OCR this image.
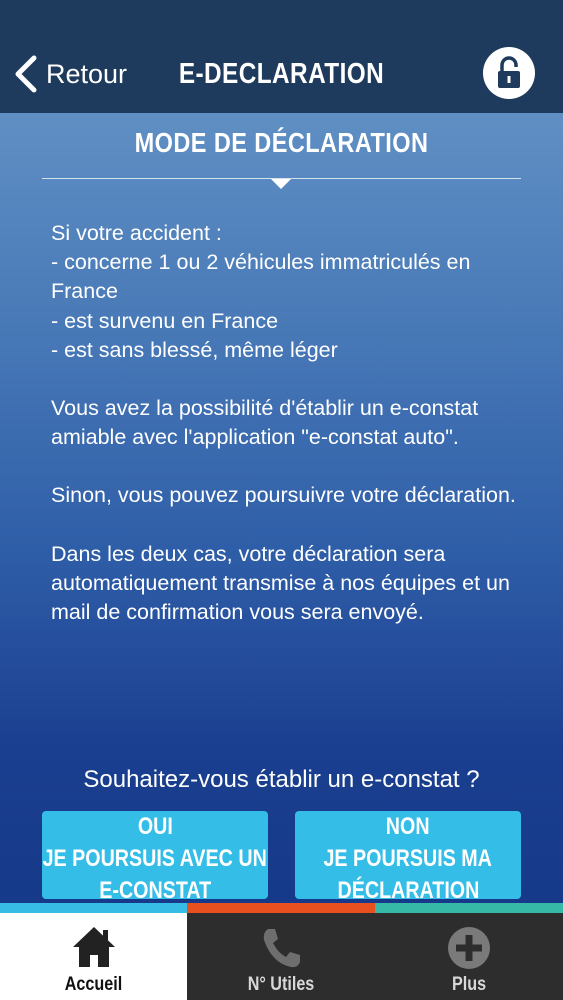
Retour	E-DECLARATION
MODE DE DÉCLARATION

Si votre accident :
- concerne 1 ou 2 véhicules immatriculés en France
- est survenu en France
- est sans blessé, même léger

Vous avez la possibilité d'établir un e-constat amiable avec l'application "e-constat auto".

Sinon, vous pouvez poursuivre votre déclaration.

Dans les deux cas, votre déclaration sera automatiquement transmise à nos équipes et un mail de confirmation vous sera envoyé.

Souhaitez-vous établir un e-constat ?
OUI
JE POURSUIS AVEC UN
E-CONSTAT
NON
JE POURSUIS MA
DÉCLARATION
Accueil	N° Utiles	Plus
